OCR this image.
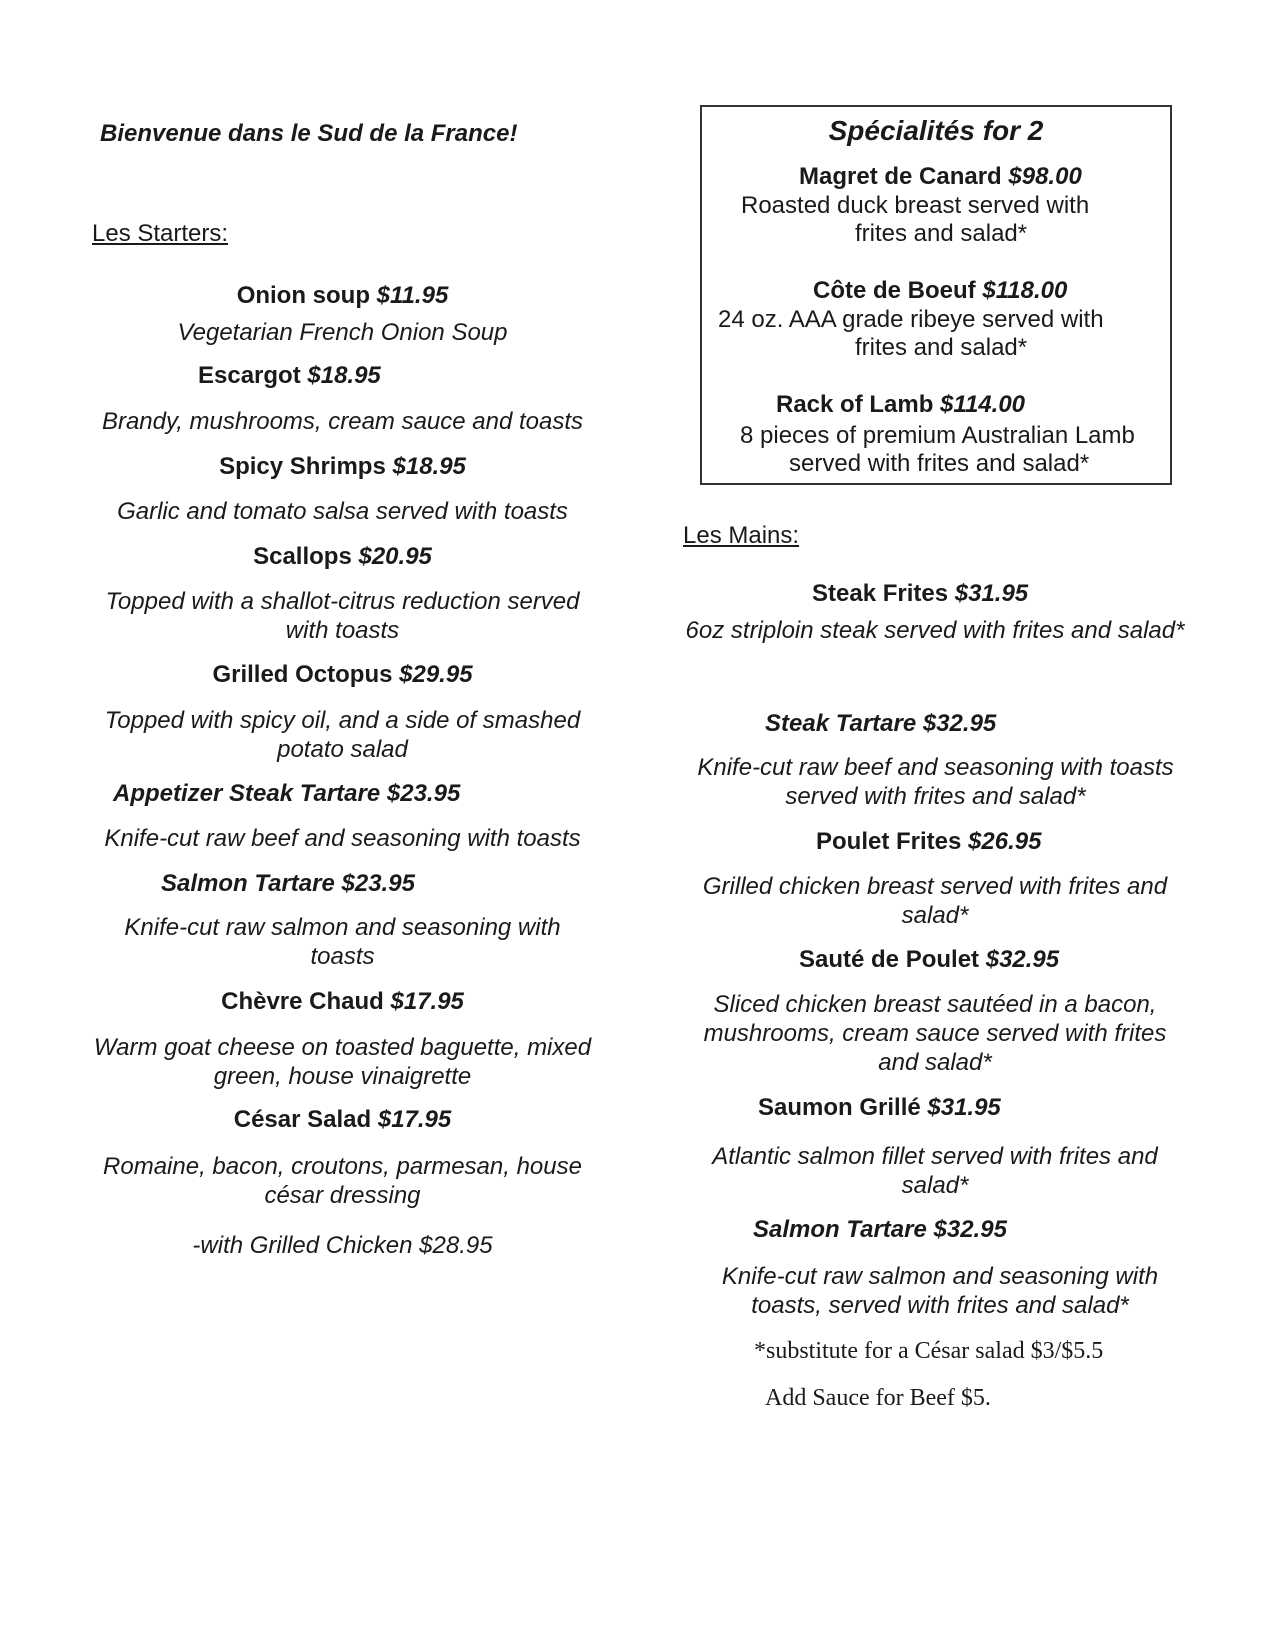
Bienvenue dans le Sud de la France!
Les Starters:
Onion soup $11.95
Vegetarian French Onion Soup
Escargot $18.95
Brandy, mushrooms, cream sauce and toasts
Spicy Shrimps $18.95
Garlic and tomato salsa served with toasts
Scallops $20.95
Topped with a shallot-citrus reduction served with toasts
Grilled Octopus $29.95
Topped with spicy oil, and a side of smashed potato salad
Appetizer Steak Tartare $23.95
Knife-cut raw beef and seasoning with toasts
Salmon Tartare $23.95
Knife-cut raw salmon and seasoning with toasts
Chèvre Chaud $17.95
Warm goat cheese on toasted baguette, mixed green, house vinaigrette
César Salad $17.95
Romaine, bacon, croutons, parmesan, house césar dressing
-with Grilled Chicken $28.95
Spécialités for 2
Magret de Canard $98.00
Roasted duck breast served with
frites and salad*
Côte de Boeuf $118.00
24 oz. AAA grade ribeye served with
frites and salad*
Rack of Lamb $114.00
8 pieces of premium Australian Lamb
served with frites and salad*
Les Mains:
Steak Frites $31.95
6oz striploin steak served with frites and salad*
Steak Tartare $32.95
Knife-cut raw beef and seasoning with toasts served with frites and salad*
Poulet Frites $26.95
Grilled chicken breast served with frites and salad*
Sauté de Poulet $32.95
Sliced chicken breast sautéed in a bacon, mushrooms, cream sauce served with frites and salad*
Saumon Grillé $31.95
Atlantic salmon fillet served with frites and salad*
Salmon Tartare $32.95
Knife-cut raw salmon and seasoning with toasts, served with frites and salad*
*substitute for a César salad $3/$5.5
Add Sauce for Beef $5.
